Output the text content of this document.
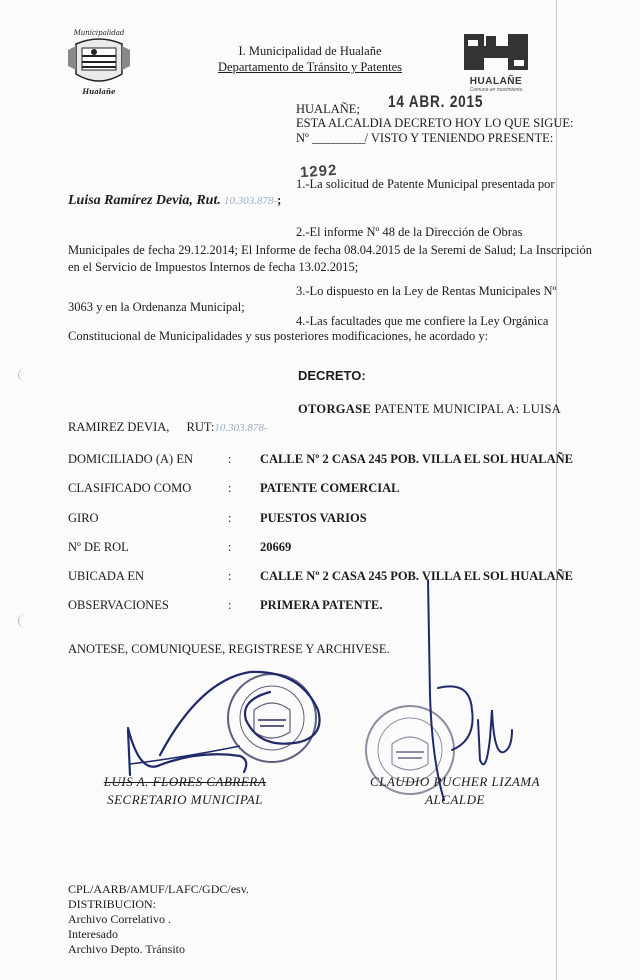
Municipalidad
Hualañe
I. Municipalidad de Hualañe
Departamento de Tránsito y Patentes
HUALAÑE
Comuna en movimiento
HUALAÑE; 14 ABR. 2015
ESTA ALCALDIA DECRETO HOY LO QUE SIGUE:
Nº __________/ VISTO Y TENIENDO PRESENTE:
1292
1.-La solicitud de Patente Municipal presentada por
Luisa Ramírez Devia, Rut. 10.303.878-;
2.-El informe Nº 48 de la Dirección de Obras
Municipales de fecha 29.12.2014; El Informe de fecha 08.04.2015 de la Seremi de Salud; La Inscripción en el Servicio de Impuestos Internos de fecha 13.02.2015;
3.-Lo dispuesto en la Ley de Rentas Municipales Nº
3063 y en la Ordenanza Municipal;
4.-Las facultades que me confiere la Ley Orgánica
Constitucional de Municipalidades y sus posteriores modificaciones, he acordado y:
DECRETO:
OTORGASE PATENTE MUNICIPAL A: LUISA
RAMIREZ DEVIA, RUT:10.303.878-
DOMICILIADO (A) EN	: CALLE Nº 2 CASA 245 POB. VILLA EL SOL HUALAÑE
CLASIFICADO COMO	: PATENTE COMERCIAL
GIRO	: PUESTOS VARIOS
Nº DE ROL	: 20669
UBICADA EN	: CALLE Nº 2 CASA 245 POB. VILLA EL SOL HUALAÑE
OBSERVACIONES	: PRIMERA PATENTE.
ANOTESE, COMUNIQUESE, REGISTRESE Y ARCHIVESE.
LUIS A. FLORES CABRERA
SECRETARIO MUNICIPAL
CLAUDIO PUCHER LIZAMA
ALCALDE
CPL/AARB/AMUF/LAFC/GDC/esv.
DISTRIBUCION:
Archivo Correlativo .
Interesado
Archivo Depto. Tránsito
